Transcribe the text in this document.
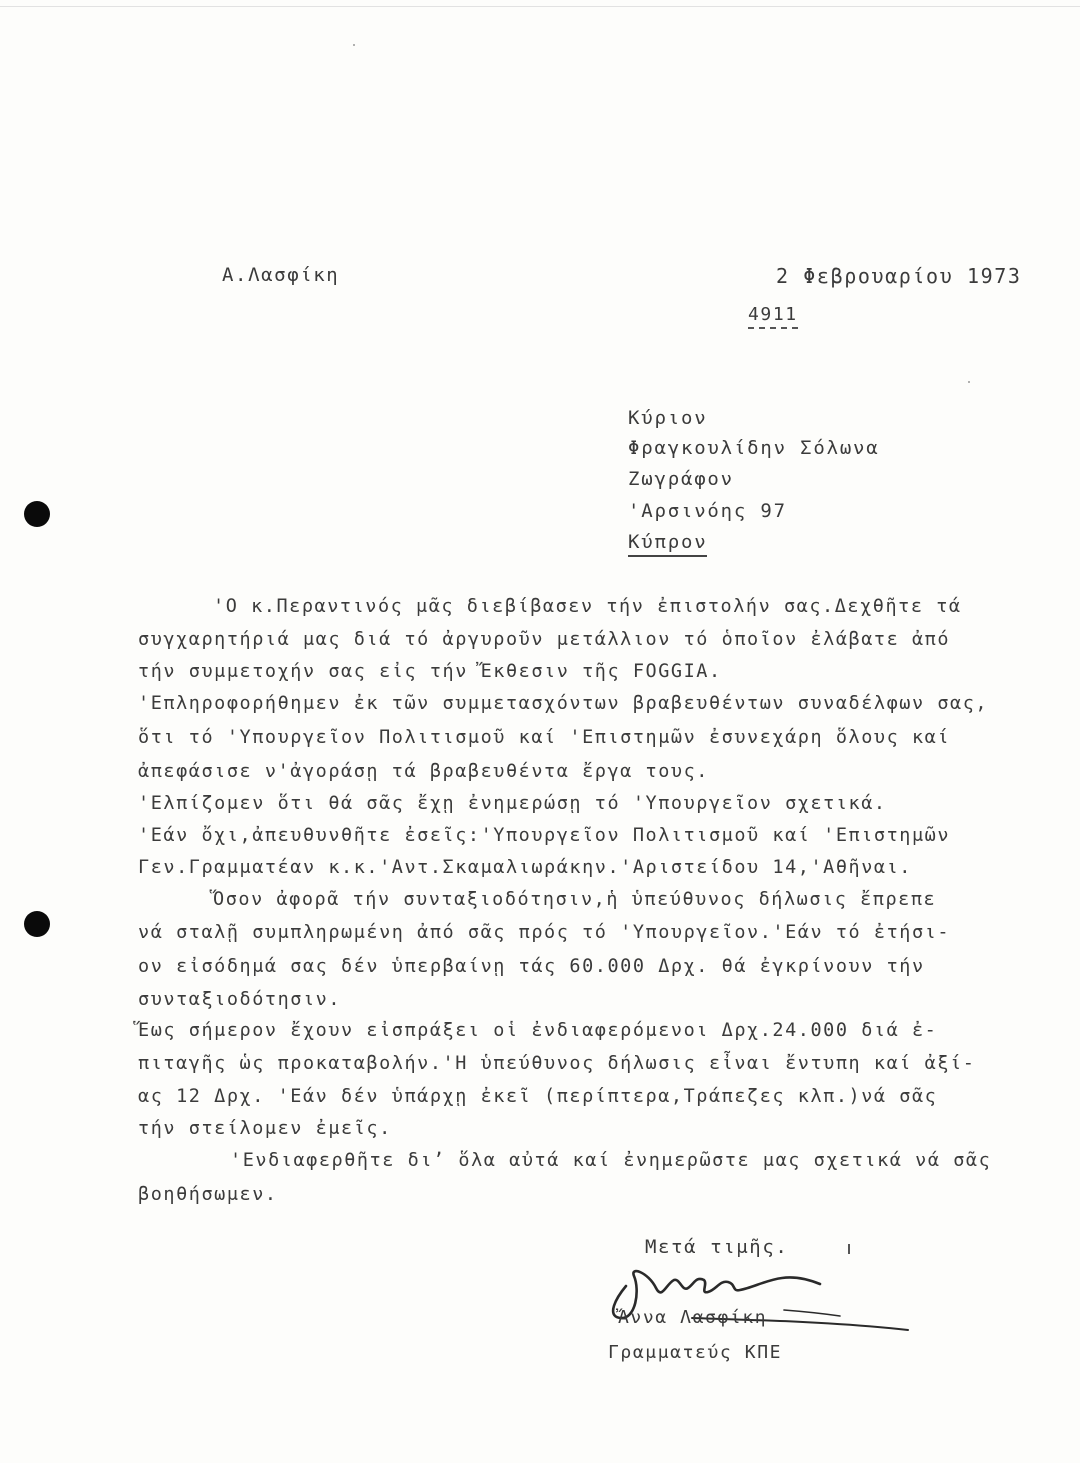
Α.Λασφίκη	2 Φεβρουαρίου 1973
4911
Κύριον
Φραγκουλίδην Σόλωνα
Ζωγράφον
'Αρσινόης 97
Κύπρον
'Ο κ.Περαντινός μᾶς διεβίβασεν τήν ἐπιστολήν σας.Δεχθῆτε τά
συγχαρητήριά μας διά τό ἀργυροῦν μετάλλιον τό ὁποῖον ἐλάβατε ἀπό
τήν συμμετοχήν σας εἰς τήν Ἔκθεσιν τῆς FOGGIA.
'Επληροφορήθημεν ἐκ τῶν συμμετασχόντων βραβευθέντων συναδέλφων σας,
ὅτι τό 'Υπουργεῖον Πολιτισμοῦ καί 'Επιστημῶν ἐσυνεχάρη ὅλους καί
ἀπεφάσισε ν'ἀγοράσῃ τά βραβευθέντα ἔργα τους.
'Ελπίζομεν ὅτι θά σᾶς ἔχῃ ἐνημερώσῃ τό 'Υπουργεῖον σχετικά.
'Εάν ὄχι,ἀπευθυνθῆτε ἐσεῖς:'Υπουργεῖον Πολιτισμοῦ καί 'Επιστημῶν
Γεν.Γραμματέαν κ.κ.'Αντ.Σκαμαλιωράκην.'Αριστείδου 14,'Αθῆναι.
Ὅσον ἀφορᾶ τήν συνταξιοδότησιν,ἡ ὑπεύθυνος δήλωσις ἔπρεπε
νά σταλῇ συμπληρωμένη ἀπό σᾶς πρός τό 'Υπουργεῖον.'Εάν τό ἐτήσι-
ον εἰσόδημά σας δέν ὑπερβαίνῃ τάς 60.000 Δρχ. θά ἐγκρίνουν τήν
συνταξιοδότησιν.
Ἕως σήμερον ἔχουν εἰσπράξει οἱ ἐνδιαφερόμενοι Δρχ.24.000 διά ἐ-
πιταγῆς ὡς προκαταβολήν.'Η ὑπεύθυνος δήλωσις εἶναι ἔντυπη καί ἀξί-
ας 12 Δρχ. 'Εάν δέν ὑπάρχῃ ἐκεῖ (περίπτερα,Τράπεζες κλπ.)νά σᾶς
τήν στείλομεν ἐμεῖς.
'Ενδιαφερθῆτε διʼ ὅλα αὐτά καί ἐνημερῶστε μας σχετικά νά σᾶς
βοηθήσωμεν.
Μετά τιμῆς.
Ἄννα Λασφίκη
Γραμματεύς ΚΠΕ
